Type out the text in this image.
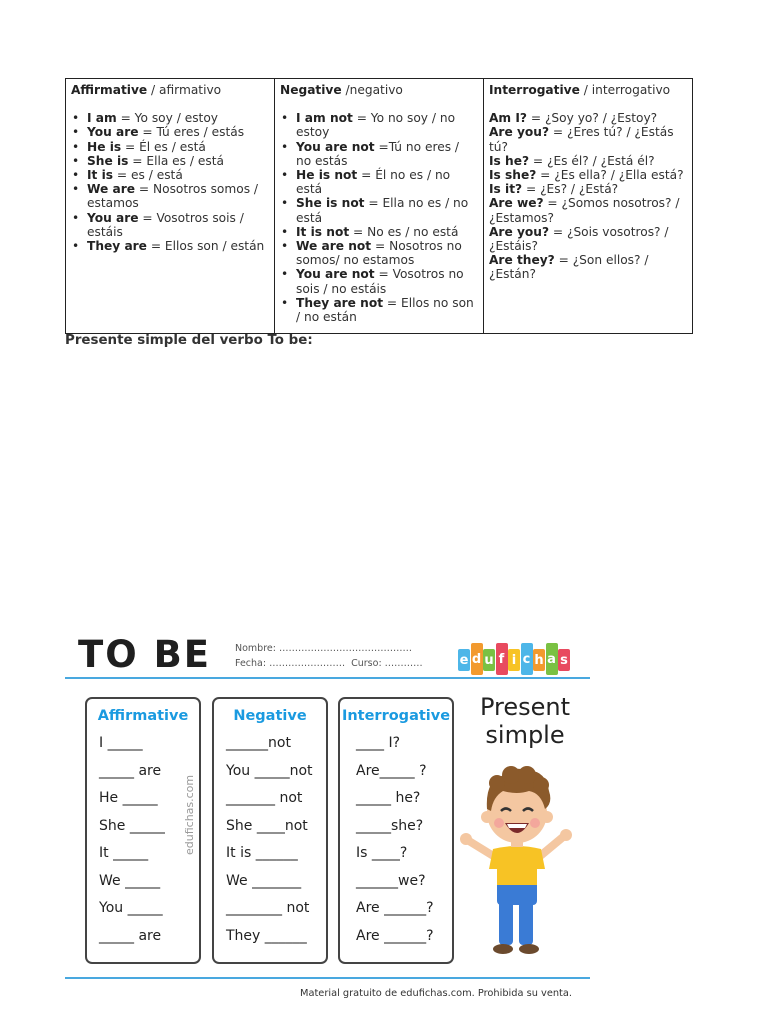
Affirmative / afirmativo
• I am = Yo soy / estoy
• You are = Tú eres / estás
• He is = Él es / está
• She is = Ella es / está
• It is = es / está
• We are = Nosotros somos / estamos
• You are = Vosotros sois / estáis
• They are = Ellos son / están

Negative /negativo
• I am not = Yo no soy / no estoy
• You are not =Tú no eres / no estás
• He is not = Él no es / no está
• She is not = Ella no es / no está
• It is not = No es / no está
• We are not = Nosotros no somos/ no estamos
• You are not = Vosotros no sois / no estáis
• They are not = Ellos no son / no están

Interrogative / interrogativo
Am I? = ¿Soy yo? / ¿Estoy?
Are you? = ¿Eres tú? / ¿Estás tú?
Is he? = ¿Es él? / ¿Está él?
Is she? = ¿Es ella? / ¿Ella está?
Is it? = ¿Es? / ¿Está?
Are we? = ¿Somos nosotros? / ¿Estamos?
Are you? = ¿Sois vosotros? / ¿Estáis?
Are they? = ¿Son ellos? / ¿Están?
Presente simple del verbo To be:
TO BE	Nombre: ……………………………………
Fecha: …………………… Curso: …………	e d u f i c h a s
Affirmative
I _____
_____ are
He _____
She _____
It _____
We _____
You _____
_____ are
Negative
______not
You _____not
_______ not
She ____not
It is ______
We _______
________ not
They ______
Interrogative
____ I?
Are_____ ?
_____ he?
_____she?
Is ____?
______we?
Are ______?
Are ______?
edufichas.com
Present
simple
Material gratuito de edufichas.com. Prohibida su venta.
